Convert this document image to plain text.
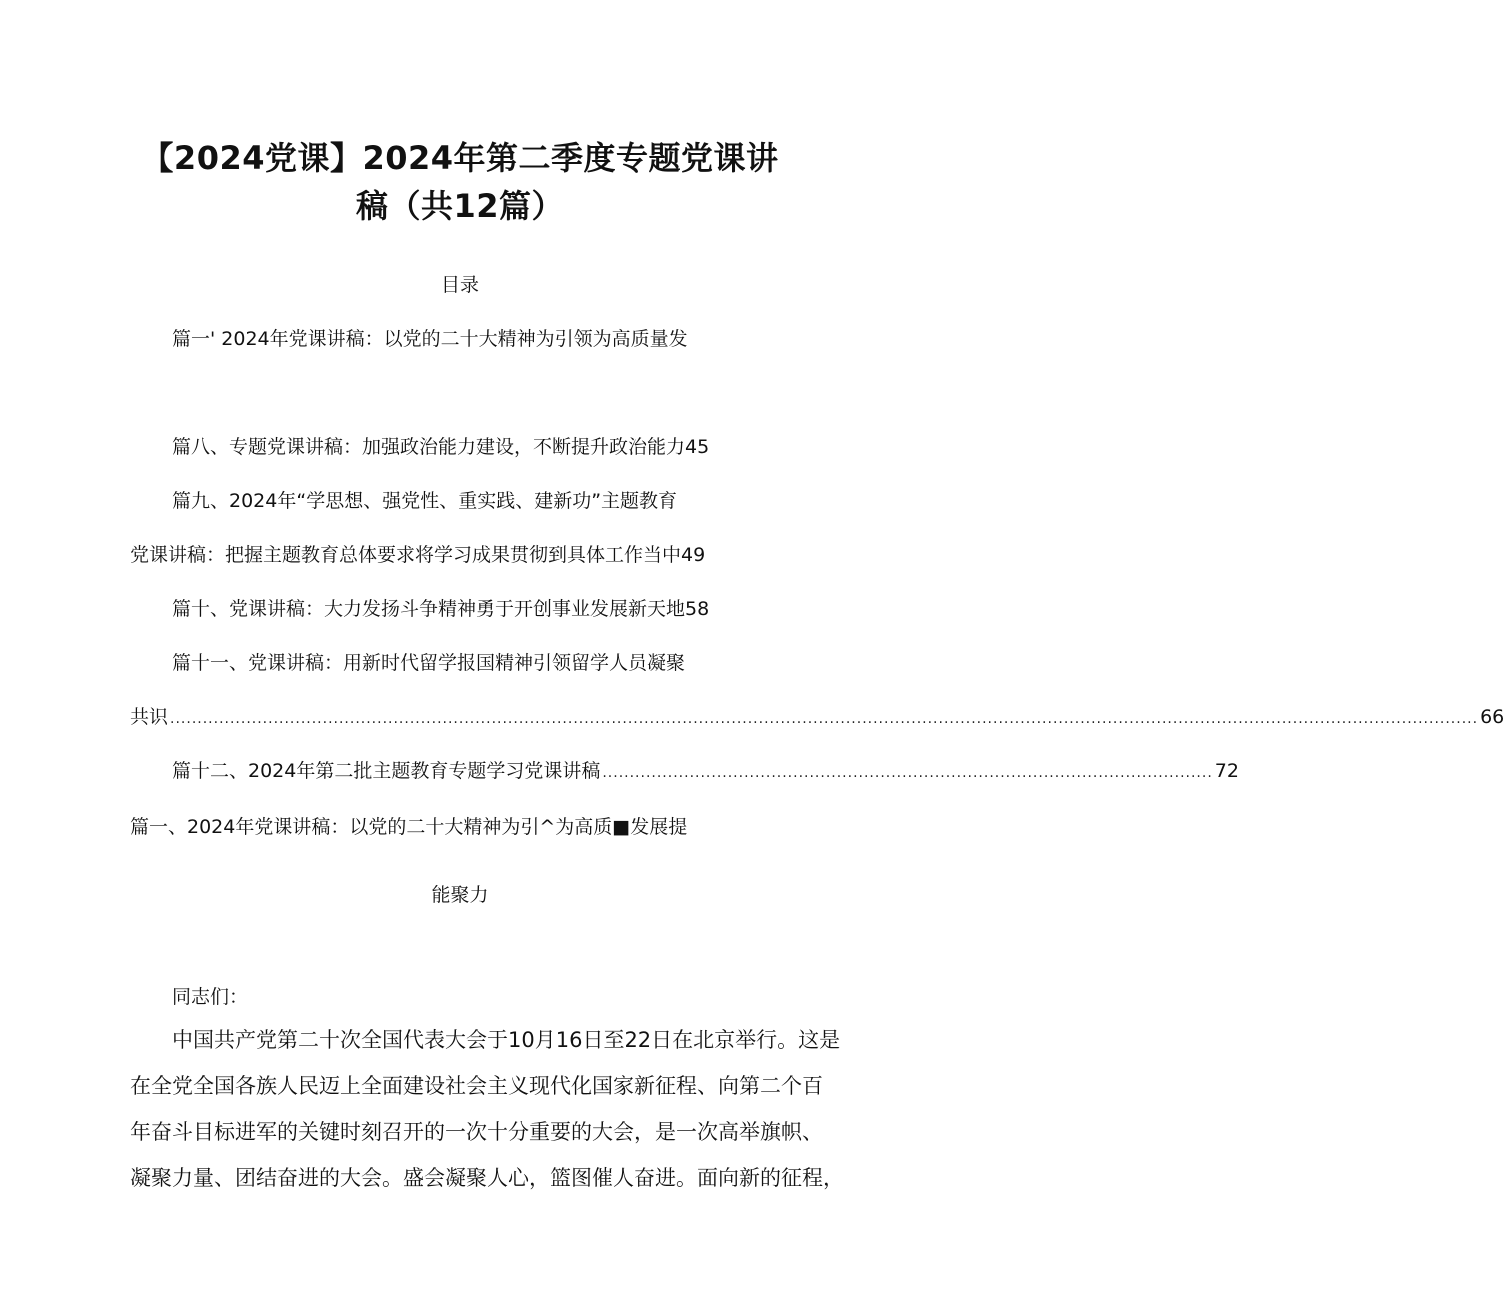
【2024党课】2024年第二季度专题党课讲
稿（共12篇）
目录
篇一' 2024年党课讲稿：以党的二十大精神为引领为高质量发
篇八、专题党课讲稿：加强政治能力建设，不断提升政治能力45
篇九、2024年“学思想、强党性、重实践、建新功”主题教育
党课讲稿：把握主题教育总体要求将学习成果贯彻到具体工作当中49
篇十、党课讲稿：大力发扬斗争精神勇于开创事业发展新天地58
篇十一、党课讲稿：用新时代留学报国精神引领留学人员凝聚
共识 ................................................................................................................................................................................................................................................ 66
篇十二、2024年第二批主题教育专题学习党课讲稿 ................................................................................................................ 72
篇一、2024年党课讲稿：以党的二十大精神为引^为高质■发展提
能聚力
同志们：
中国共产党第二十次全国代表大会于10月16日至22日在北京举行。这是
在全党全国各族人民迈上全面建设社会主义现代化国家新征程、向第二个百
年奋斗目标进军的关键时刻召开的一次十分重要的大会，是一次高举旗帜、
凝聚力量、团结奋进的大会。盛会凝聚人心，篮图催人奋进。面向新的征程，
